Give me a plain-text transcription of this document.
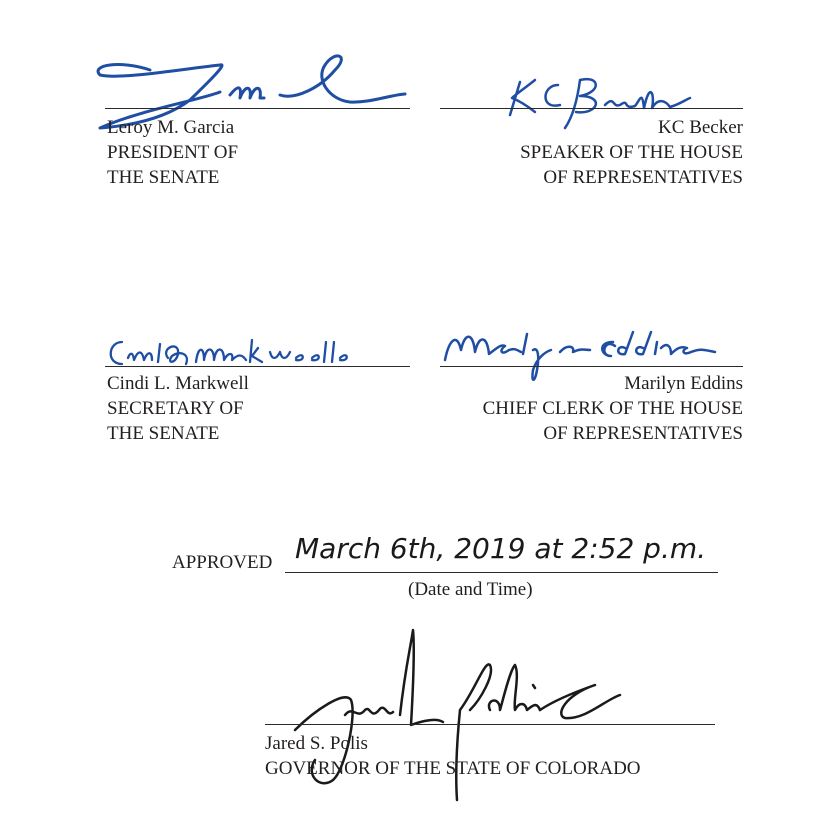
Leroy M. Garcia
PRESIDENT OF
THE SENATE
KC Becker
SPEAKER OF THE HOUSE
OF REPRESENTATIVES
Cindi L. Markwell
SECRETARY OF
THE SENATE
Marilyn Eddins
CHIEF CLERK OF THE HOUSE
OF REPRESENTATIVES
APPROVED March 6th, 2019 at 2:52 p.m.
(Date and Time)
Jared S. Polis
GOVERNOR OF THE STATE OF COLORADO
